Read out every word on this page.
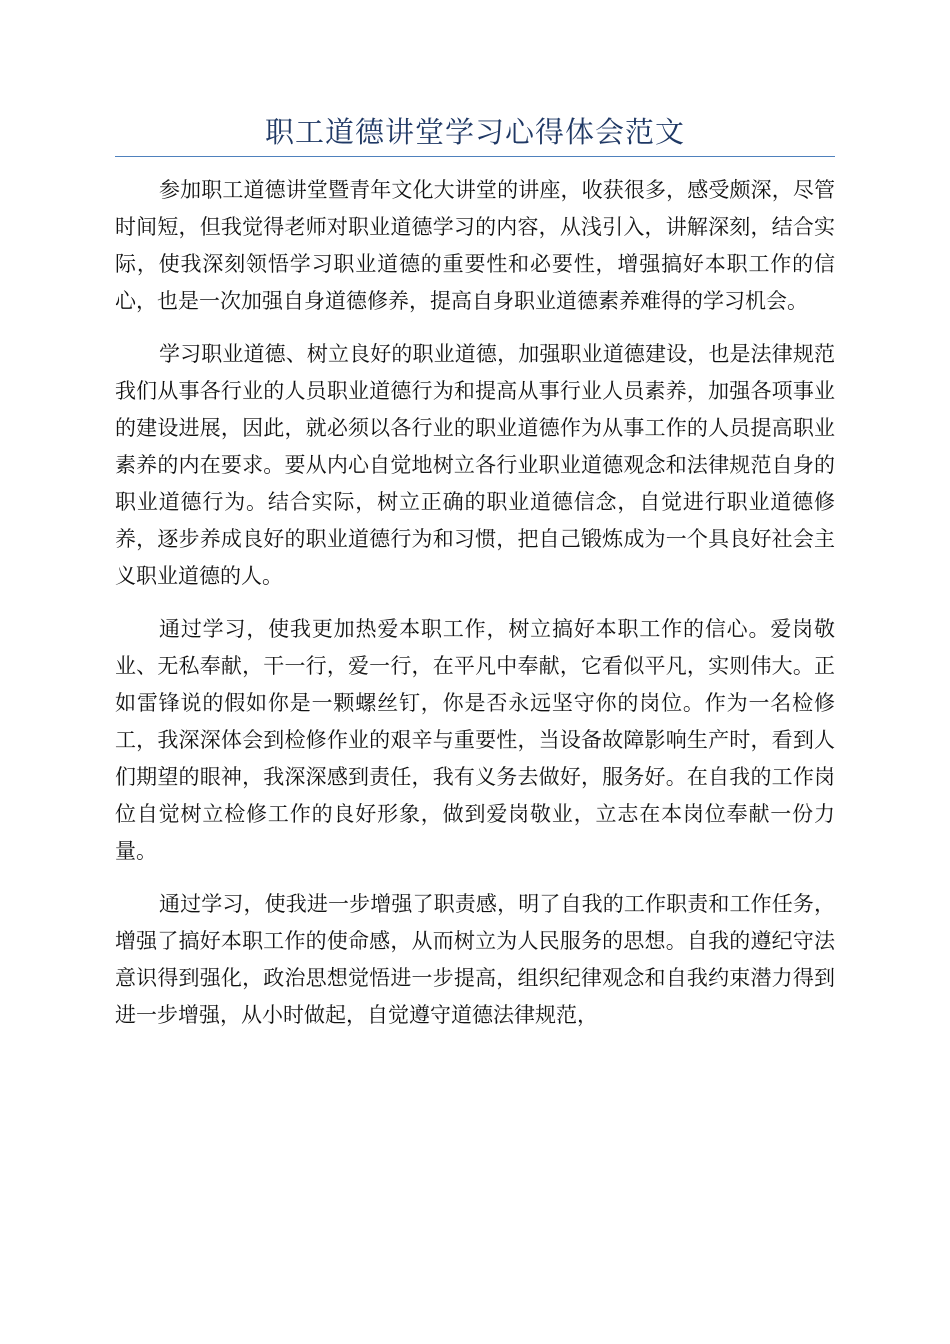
职工道德讲堂学习心得体会范文

参加职工道德讲堂暨青年文化大讲堂的讲座，收获很多，感受颇深，尽管时间短，但我觉得老师对职业道德学习的内容，从浅引入，讲解深刻，结合实际，使我深刻领悟学习职业道德的重要性和必要性，增强搞好本职工作的信心，也是一次加强自身道德修养，提高自身职业道德素养难得的学习机会。

学习职业道德、树立良好的职业道德，加强职业道德建设，也是法律规范我们从事各行业的人员职业道德行为和提高从事行业人员素养，加强各项事业的建设进展，因此，就必须以各行业的职业道德作为从事工作的人员提高职业素养的内在要求。要从内心自觉地树立各行业职业道德观念和法律规范自身的职业道德行为。结合实际，树立正确的职业道德信念，自觉进行职业道德修养，逐步养成良好的职业道德行为和习惯，把自己锻炼成为一个具良好社会主义职业道德的人。

通过学习，使我更加热爱本职工作，树立搞好本职工作的信心。爱岗敬业、无私奉献，干一行，爱一行，在平凡中奉献，它看似平凡，实则伟大。正如雷锋说的假如你是一颗螺丝钉，你是否永远坚守你的岗位。作为一名检修工，我深深体会到检修作业的艰辛与重要性，当设备故障影响生产时，看到人们期望的眼神，我深深感到责任，我有义务去做好，服务好。在自我的工作岗位自觉树立检修工作的良好形象，做到爱岗敬业，立志在本岗位奉献一份力量。

通过学习，使我进一步增强了职责感，明了自我的工作职责和工作任务，增强了搞好本职工作的使命感，从而树立为人民服务的思想。自我的遵纪守法意识得到强化，政治思想觉悟进一步提高，组织纪律观念和自我约束潜力得到进一步增强，从小时做起，自觉遵守道德法律规范，
